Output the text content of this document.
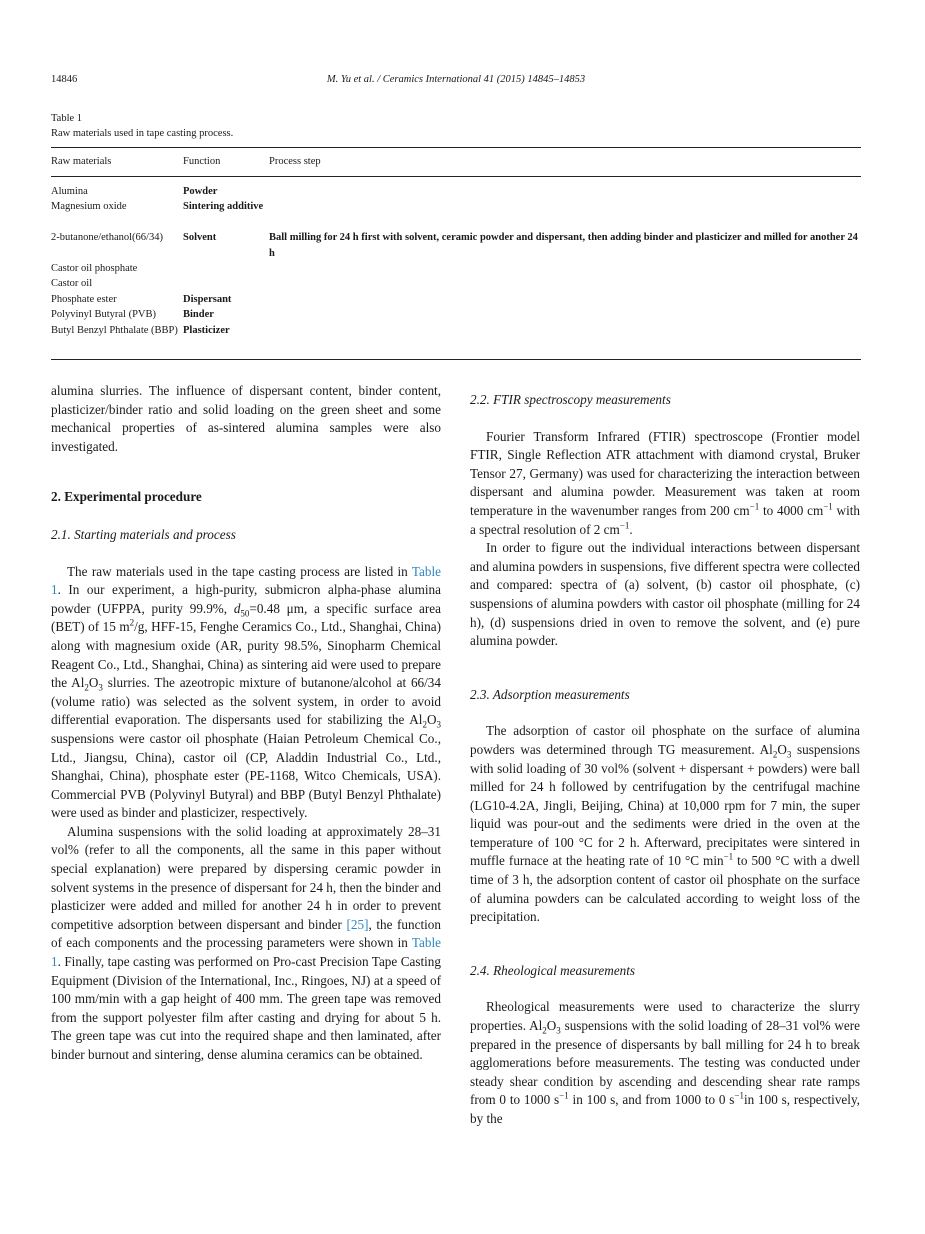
14846	M. Yu et al. / Ceramics International 41 (2015) 14845–14853
Table 1
Raw materials used in tape casting process.
Raw materials	Function	Process step
Alumina	Powder
Magnesium oxide	Sintering additive
2-butanone/ethanol(66/34)	Solvent	Ball milling for 24 h first with solvent, ceramic powder and dispersant, then adding binder and plasticizer and milled for another 24 h
Castor oil phosphate
Castor oil
Phosphate ester	Dispersant
Polyvinyl Butyral (PVB)	Binder
Butyl Benzyl Phthalate (BBP) Plasticizer

alumina slurries. The influence of dispersant content, binder content, plasticizer/binder ratio and solid loading on the green sheet and some mechanical properties of as-sintered alumina samples were also investigated.

2. Experimental procedure
2.1. Starting materials and process

The raw materials used in the tape casting process are listed in Table 1. In our experiment, a high-purity, submicron alpha-phase alumina powder (UFPPA, purity 99.9%, $d_{50}=0.48$ μm, a specific surface area (BET) of 15 $m^2/g$, HFF-15, Fenghe Ceramics Co., Ltd., Shanghai, China) along with magnesium oxide (AR, purity 98.5%, Sinopharm Chemical Reagent Co., Ltd., Shanghai, China) as sintering aid were used to prepare the $Al_2O_3$ slurries. The azeotropic mixture of butanone/alcohol at 66/34 (volume ratio) was selected as the solvent system, in order to avoid differential evaporation. The dispersants used for stabilizing the $Al_2O_3$ suspensions were castor oil phosphate (Haian Petroleum Chemical Co., Ltd., Jiangsu, China), castor oil (CP, Aladdin Industrial Co., Ltd., Shanghai, China), phosphate ester (PE-1168, Witco Chemicals, USA). Commercial PVB (Polyvinyl Butyral) and BBP (Butyl Benzyl Phthalate) were used as binder and plasticizer, respectively.

Alumina suspensions with the solid loading at approximately 28–31 vol% (refer to all the components, all the same in this paper without special explanation) were prepared by dispersing ceramic powder in solvent systems in the presence of dispersant for 24 h, then the binder and plasticizer were added and milled for another 24 h in order to prevent competitive adsorption between dispersant and binder [25], the function of each components and the processing parameters were shown in Table 1. Finally, tape casting was performed on Pro-cast Precision Tape Casting Equipment (Division of the International, Inc., Ringoes, NJ) at a speed of 100 mm/min with a gap height of 400 mm. The green tape was removed from the support polyester film after casting and drying for about 5 h. The green tape was cut into the required shape and then laminated, after binder burnout and sintering, dense alumina ceramics can be obtained.

2.2. FTIR spectroscopy measurements

Fourier Transform Infrared (FTIR) spectroscope (Frontier model FTIR, Single Reflection ATR attachment with diamond crystal, Bruker Tensor 27, Germany) was used for characterizing the interaction between dispersant and alumina powder. Measurement was taken at room temperature in the wavenumber ranges from 200 $cm^{-1}$ to 4000 $cm^{-1}$ with a spectral resolution of 2 $cm^{-1}$.

In order to figure out the individual interactions between dispersant and alumina powders in suspensions, five different spectra were collected and compared: spectra of (a) solvent, (b) castor oil phosphate, (c) suspensions of alumina powders with castor oil phosphate (milling for 24 h), (d) suspensions dried in oven to remove the solvent, and (e) pure alumina powder.

2.3. Adsorption measurements

The adsorption of castor oil phosphate on the surface of alumina powders was determined through TG measurement. $Al_2O_3$ suspensions with solid loading of 30 vol% (solvent + dispersant + powders) were ball milled for 24 h followed by centrifugation by the centrifugal machine (LG10-4.2A, Jingli, Beijing, China) at 10,000 rpm for 7 min, the super liquid was pour-out and the sediments were dried in the oven at the temperature of 100 °C for 2 h. Afterward, precipitates were sintered in muffle furnace at the heating rate of 10 °C $\min^{-1}$ to 500 °C with a dwell time of 3 h, the adsorption content of castor oil phosphate on the surface of alumina powders can be calculated according to weight loss of the precipitation.

2.4. Rheological measurements

Rheological measurements were used to characterize the slurry properties. $Al_2O_3$ suspensions with the solid loading of 28–31 vol% were prepared in the presence of dispersants by ball milling for 24 h to break agglomerations before measurements. The testing was conducted under steady shear condition by ascending and descending shear rate ramps from 0 to 1000 $s^{-1}$ in 100 s, and from 1000 to 0 $s^{-1}in$ 100 s, respectively, by the
